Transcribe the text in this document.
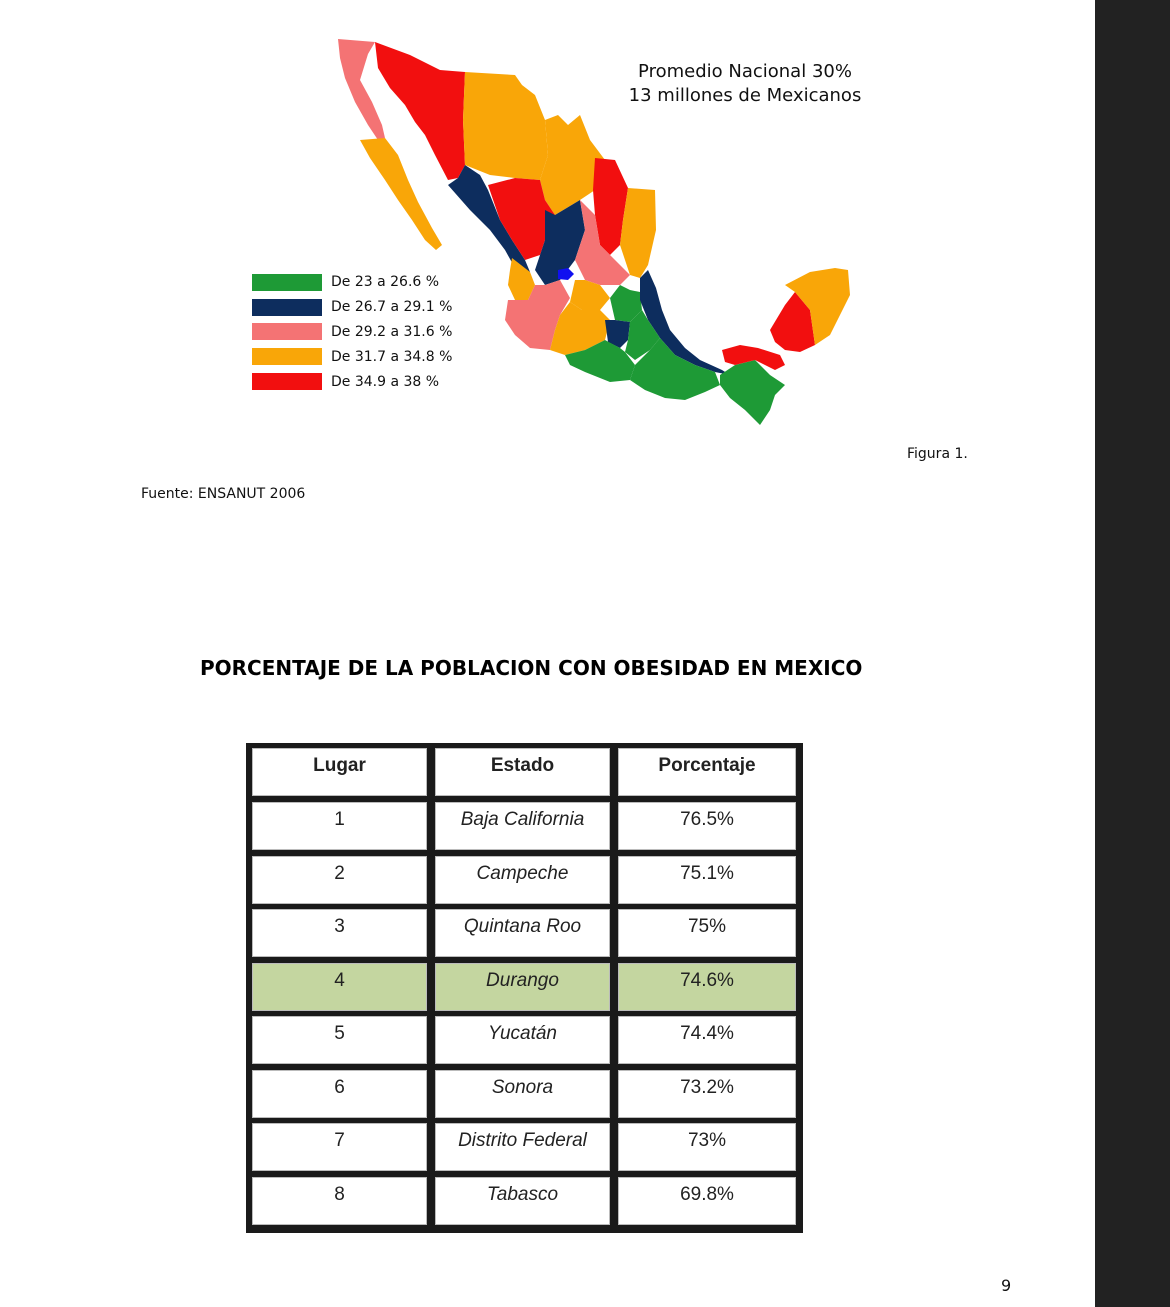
Promedio Nacional 30%
13 millones de Mexicanos
De 23 a 26.6 %
De 26.7 a 29.1 %
De 29.2 a 31.6 %
De 31.7 a 34.8 %
De 34.9 a 38 %
Figura 1.
Fuente: ENSANUT 2006
PORCENTAJE DE LA POBLACION CON OBESIDAD EN MEXICO
Lugar	Estado	Porcentaje
1	Baja California	76.5%
2	Campeche	75.1%
3	Quintana Roo	75%
4	Durango	74.6%
5	Yucatán	74.4%
6	Sonora	73.2%
7	Distrito Federal	73%
8	Tabasco	69.8%
9
